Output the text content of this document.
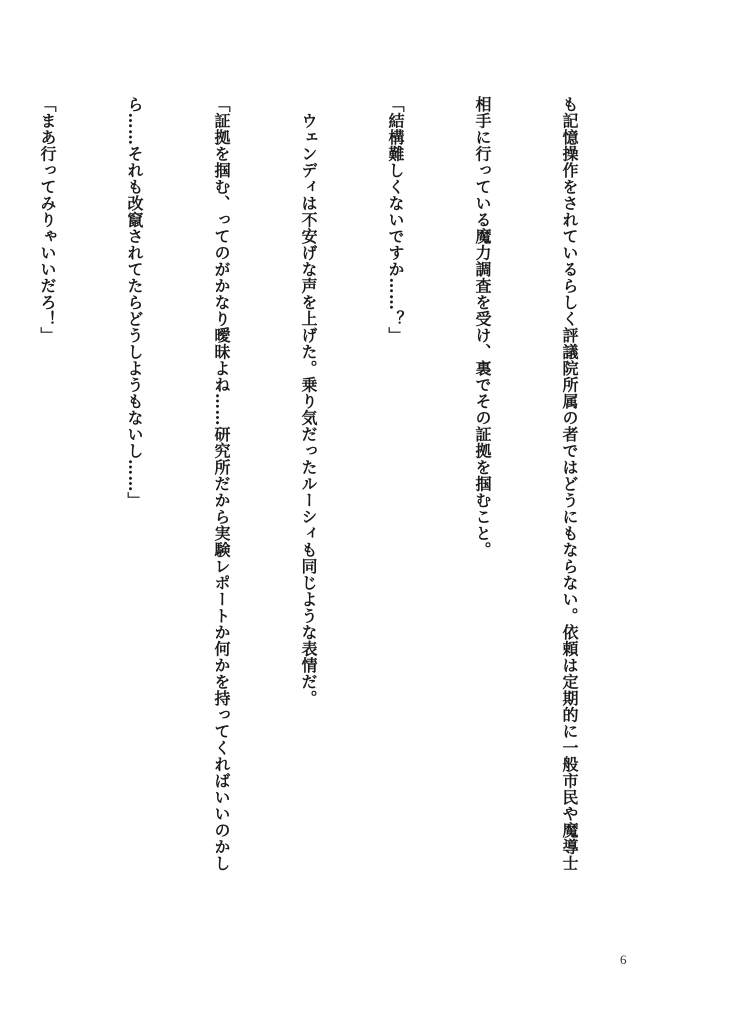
も記憶操作をされているらしく評議院所属の者ではどうにもならない。依頼は定期的に一般市民や魔導士

相手に行っている魔力調査を受け、裏でその証拠を掴むこと。

「結構難しくないですか……？」

　ウェンディは不安げな声を上げた。乗り気だったルーシィも同じような表情だ。

「証拠を掴む、ってのがかなり曖昧よね……研究所だから実験レポートか何かを持ってくればいいのかし

ら……それも改竄されてたらどうしようもないし……」

「まあ行ってみりゃいいだろ！」

6
